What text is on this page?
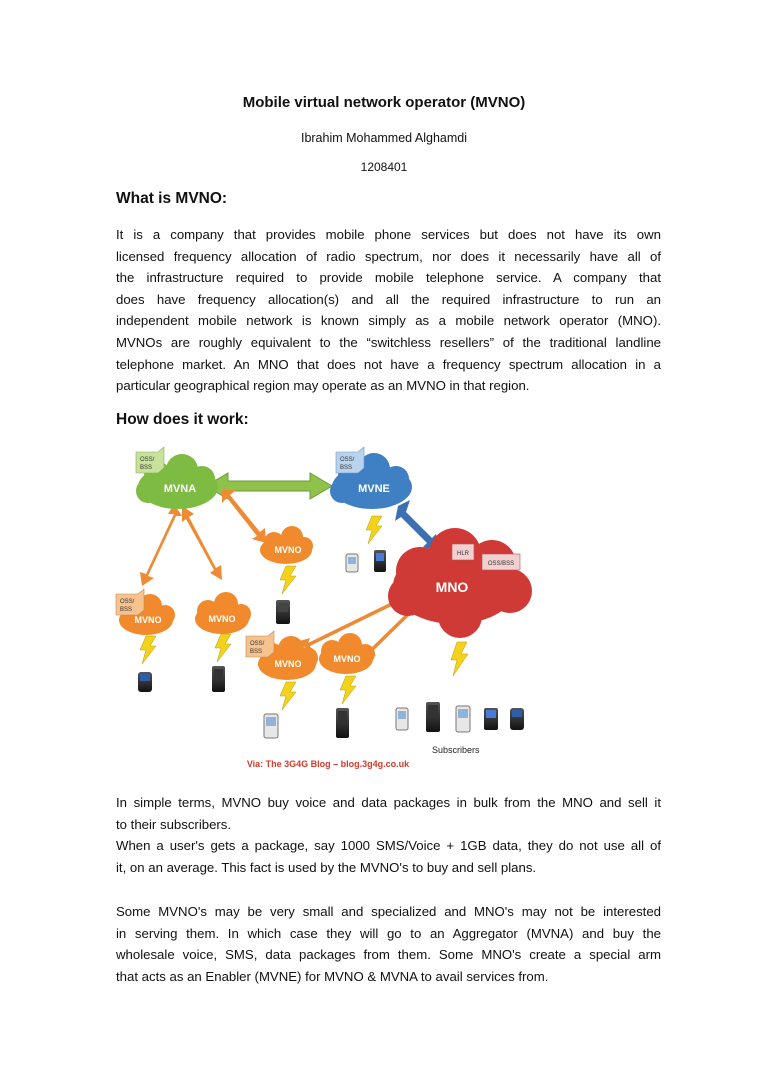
Mobile virtual network operator (MVNO)
Ibrahim Mohammed Alghamdi
1208401
What is MVNO:
It is a company that provides mobile phone services but does not have its own
licensed frequency allocation of radio spectrum, nor does it necessarily have all of
the infrastructure required to provide mobile telephone service. A company that
does have frequency allocation(s) and all the required infrastructure to run an
independent mobile network is known simply as a mobile network operator (MNO).
MVNOs are roughly equivalent to the “switchless resellers” of the traditional landline
telephone market. An MNO that does not have a frequency spectrum allocation in a
particular geographical region may operate as an MVNO in that region.
How does it work:
MVNA	MVNE
MNO
MVNO
MVNO	MVNO
MVNO	MVNO
OSS/
BSS
OSS/
BSS
OSS/
BSS
OSS/
BSS
HLR
OSS/BSS
Subscribers
Via: The 3G4G Blog – blog.3g4g.co.uk
In simple terms, MVNO buy voice and data packages in bulk from the MNO and sell it
to their subscribers.
When a user's gets a package, say 1000 SMS/Voice + 1GB data, they do not use all of
it, on an average. This fact is used by the MVNO's to buy and sell plans.
Some MVNO's may be very small and specialized and MNO's may not be interested
in serving them. In which case they will go to an Aggregator (MVNA) and buy the
wholesale voice, SMS, data packages from them. Some MNO's create a special arm
that acts as an Enabler (MVNE) for MVNO & MVNA to avail services from.
